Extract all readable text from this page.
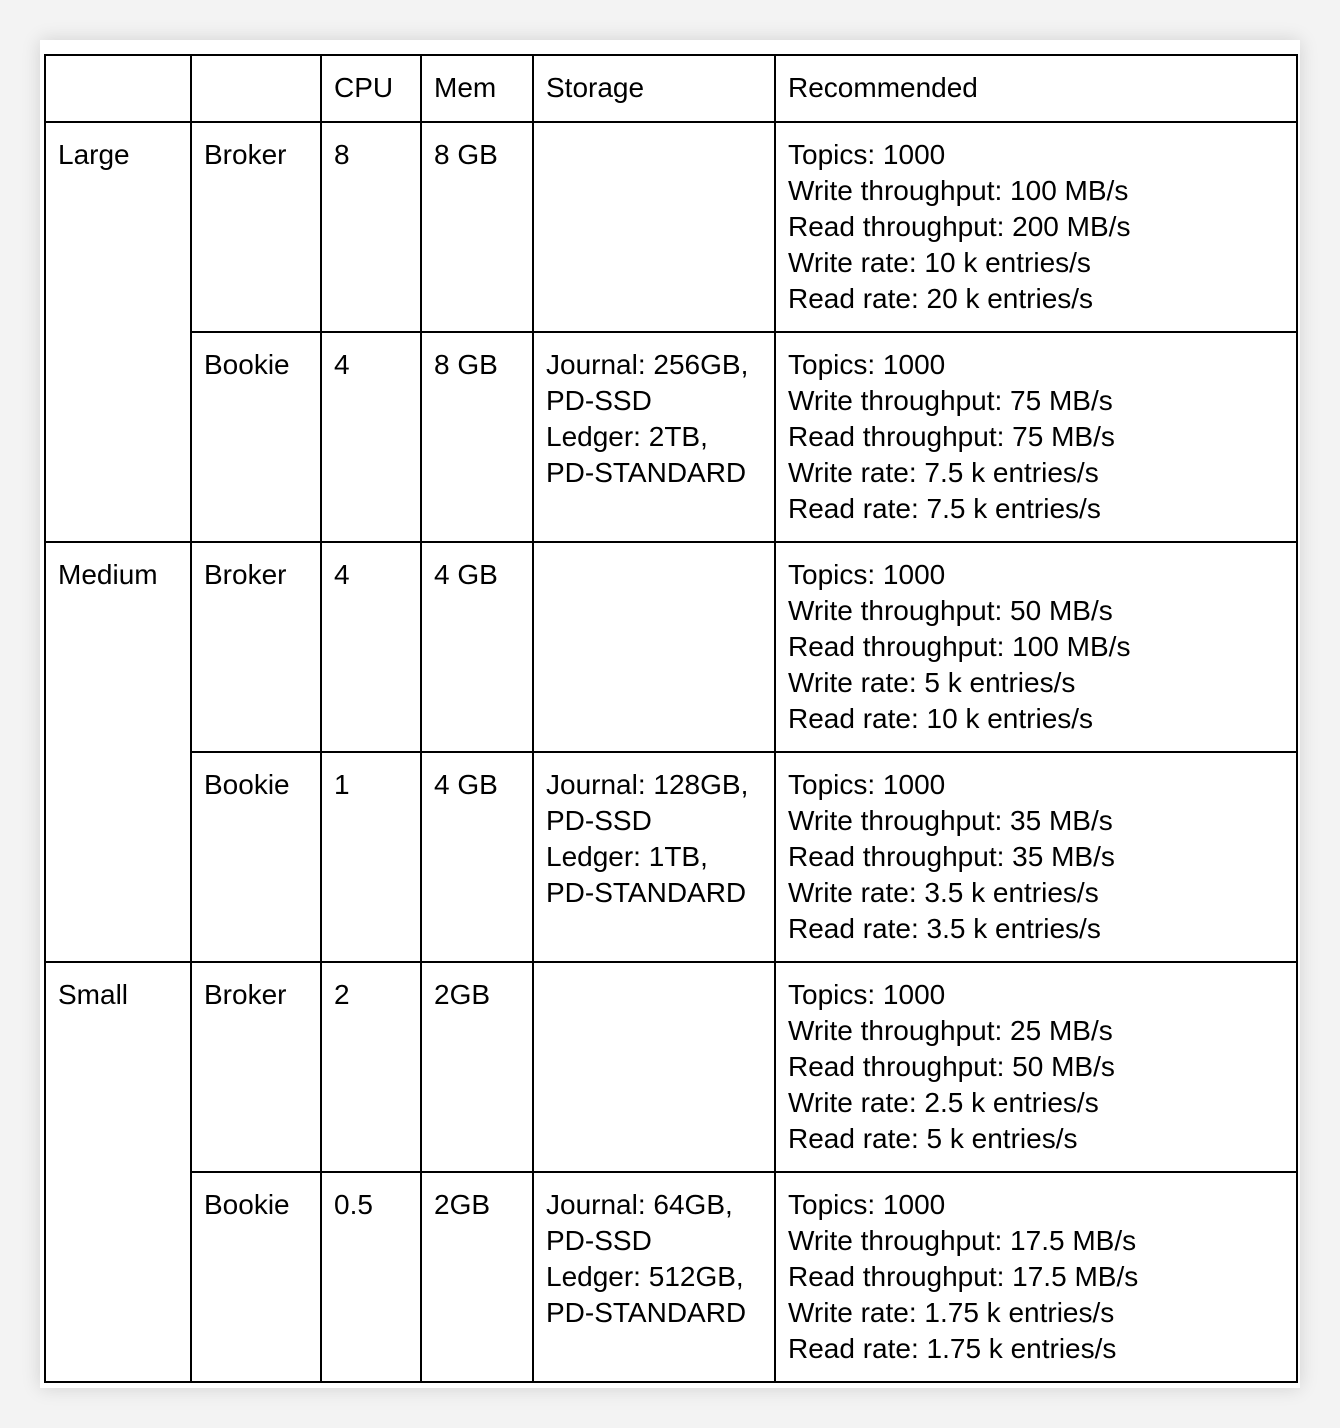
		CPU	Mem	Storage	Recommended
Large	Broker	8	8 GB		Topics: 1000
Write throughput: 100 MB/s
Read throughput: 200 MB/s
Write rate: 10 k entries/s
Read rate: 20 k entries/s

	Bookie	4	8 GB	Journal: 256GB,
PD-SSD
Ledger: 2TB,
PD-STANDARD	Topics: 1000
Write throughput: 75 MB/s
Read throughput: 75 MB/s
Write rate: 7.5 k entries/s
Read rate: 7.5 k entries/s

Medium	Broker	4	4 GB		Topics: 1000
Write throughput: 50 MB/s
Read throughput: 100 MB/s
Write rate: 5 k entries/s
Read rate: 10 k entries/s

	Bookie	1	4 GB	Journal: 128GB,
PD-SSD
Ledger: 1TB,
PD-STANDARD	Topics: 1000
Write throughput: 35 MB/s
Read throughput: 35 MB/s
Write rate: 3.5 k entries/s
Read rate: 3.5 k entries/s

Small	Broker	2	2GB		Topics: 1000
Write throughput: 25 MB/s
Read throughput: 50 MB/s
Write rate: 2.5 k entries/s
Read rate: 5 k entries/s

	Bookie	0.5	2GB	Journal: 64GB,
PD-SSD
Ledger: 512GB,
PD-STANDARD	Topics: 1000
Write throughput: 17.5 MB/s
Read throughput: 17.5 MB/s
Write rate: 1.75 k entries/s
Read rate: 1.75 k entries/s
